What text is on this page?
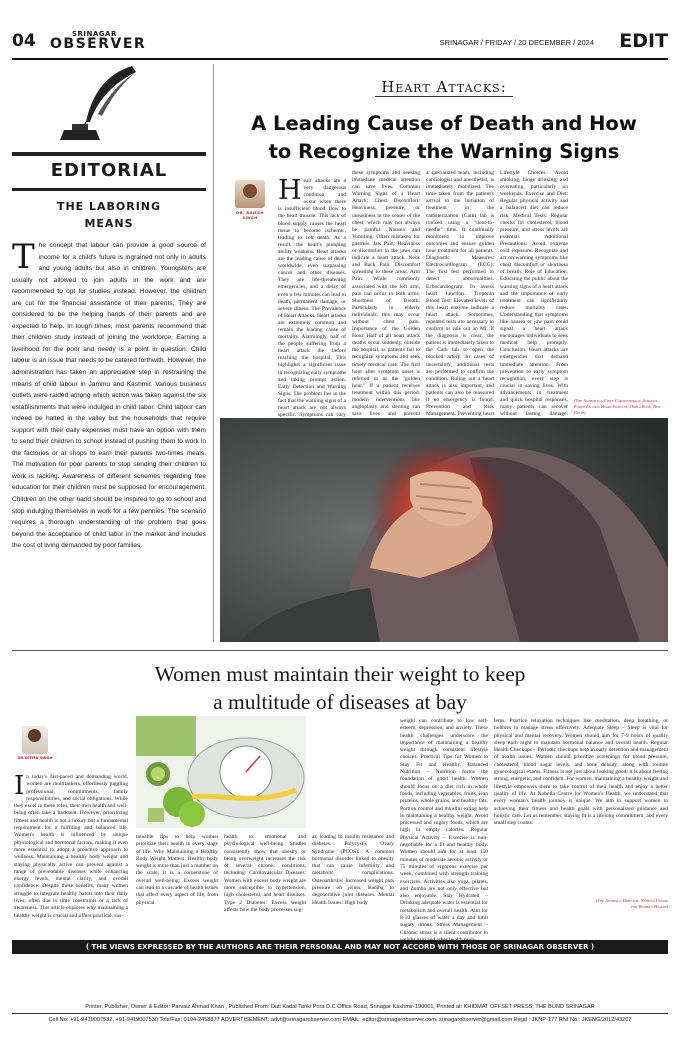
04	SRINAGAR
OBSERVER	SRINAGAR / FRIDAY / 20 DECEMBER / 2024 EDIT
EDITORIAL
THE LABORING
MEANS
The concept that labour can provide a good source of income for a child's future is ingrained not only in adults and young adults but also in children. Youngsters are usually not allowed to join adults in the work and are recommended to opt for studies instead. However, the children are cut for the financial assistance of their parents. They are considered to be the helping hands of their parents and are expected to help. In tough times, most parents recommend that their children study instead of joining the workforce. Earning a livelihood for the poor and needy is a point in question. Child labour is an issue that needs to be catered forthwith. However, the administration has taken an appreciative step in restraining the means of child labour in Jammu and Kashmir. Various business outlets were raided among which action was taken against the six establishments that were indulged in child labor. Child labour can indeed be halted in the valley but the households that require support with their daily expenses must have an option with them to send their children to school instead of pushing them to work in the factories or at shops to earn their parents two-times meals. The motivation for poor parents to stop sending their children to work is lacking. Awareness of different schemes regarding free education for their children must be supposed for encouragement. Children on the other hand should be inspired to go to school and stop indulging themselves in work for a few pennies. The scenario requires a thorough understanding of the problem that goes beyond the acceptance of child labor in the market and includes the cost of living demanded by poor families.
Heart Attacks:
A Leading Cause of Death and How
to Recognize the Warning Signs
DR. RAJESH SINGH
Heart attacks are a very dangerous condition and occur when there is insufficient blood flow to the heart muscle. This lack of blood supply causes the heart tissue to become ischemic, leading to cell death. As a result, the heart's pumping ability weakens. Heart attacks are the leading cause of death worldwide, even surpassing cancer and other diseases. They are life-threatening emergencies, and a delay of even a few minutes can lead to death, permanent damage, or severe illness. The Prevalence of Heart Attacks. Heart attacks are extremely common and remain the leading cause of mortality. Alarmingly, half of the people suffering from a heart attack die before reaching the hospital. This highlights a significant issue in recognizing early symptoms and taking prompt action. Early Detection and Warning Signs. The problem lies in the fact that the warning signs of a heart attack are not always specific. Symptoms can vary
these symptoms and seeking immediate medical attention can save lives. Common Warning Signs of a Heart Attack: Chest Discomfort: Heaviness, pressure, or uneasiness in the center of the chest, which may not always be painful. Nausea and Vomiting: Often mistaken for gastritis. Jaw Pain: Heaviness or discomfort in the jaws can indicate a heart attack. Neck and Back Pain: Discomfort spreading to these areas. Arm Pain: While commonly associated with the left arm, pain can occur in both arms. Shortness of Breath: Particularly in elderly individuals, this may occur without chest pain. Importance of the Golden Hour. Half of all heart attack deaths occur suddenly, outside the hospital, as patients fail to recognize symptoms and seek timely medical care. The first hour after symptom onset is referred to as the "golden hour." If a patient receives treatment within this period, modern interventions like angioplasty and stenting can save lives and prevent
a specialized team, including cardiologist and anesthetist, is immediately mobilized. The time taken from the patient's arrival to the initiation of treatment in the catheterization (Cath) lab is tracked using a "door-to-needle" time. It continually monitored to improve outcomes and ensure golden hour treatment for all patients. Diagnostic Measures: Electrocardiogram (ECG): The first test performed to detect abnormalities. Echocardiogram: To assess heart function. Troponin Blood Test: Elevated levels of this heart enzyme indicate a heart attack. Sometimes, repeated tests are necessary to confirm or rule out an MI. If the diagnosis is clear, the patient is immediately taken to the Cath lab to open the blocked artery. In cases of uncertainty, additional tests are performed to confirm the condition. Ruling out a heart attack is also important, and patients can also be reassured if no emergency is found. Prevention and Risk Management. Preventing heart
Lifestyle Choices: Avoid smoking, binge drinking, and overeating, particularly on weekends. Exercise and Diet: Regular physical activity and a balanced diet can reduce risk. Medical Tests: Regular checks for cholesterol, blood pressure, and stress levels are essential. Additional Precautions: Avoid extreme cold exposure. Recognize and act on warning symptoms like chest discomfort or shortness of breath. Role of Education. Educating the public about the warning signs of a heart attack and the importance of early treatment can significantly reduce mortality rates. Understanding that symptoms like nausea or jaw pain could signal a heart attack encourages individuals to seek medical help promptly. Conclusion. Heart attacks are emergencies that demand immediate attention. From prevention to early symptom recognition, every step is crucial in saving lives. With advancements in treatment and quick hospital responses, many patients can recover without lasting damage.
(The Author is a Chief Cardiothoracic Surgeon, Fortis Escorts Heart Institute, Okhla Road, New Delhi)
Women must maintain their weight to keep
a multitude of diseases at bay
DR SEEMA SINGH
In today's fast-paced and demanding world, women are multitaskers, effortlessly juggling professional commitments, family responsibilities, and social obligations. While they excel in these roles, their own health and well-being often take a backseat. However, prioritizing fitness and health is not a luxury but a fundamental requirement for a fulfilling and balanced life. Women's health is influenced by unique physiological and hormonal factors, making it even more essential to adopt a proactive approach to wellness. Maintaining a healthy body weight and staying physically active can prevent against a range of preventable diseases while enhancing energy levels, mental clarity, and overall confidence. Despite these benefits, many women struggle to integrate healthy habits into their daily lives, often due to time constraints or a lack of awareness. This article explores why maintaining a healthy weight is crucial and offers practical, sus-
tainable tips to help women prioritize their health in every stage of life. Why Maintaining a Healthy Body Weight Matters. Healthy body weight is more than just a number on the scale; it is a cornerstone of overall well-being. Excess weight can lead to a cascade of health issues that affect every aspect of life, from physical
health to emotional and psychological well-being. Studies consistently show that obesity or being overweight increases the risk of several chronic conditions, including: Cardiovascular Diseases: Women with excess body weight are more susceptible to hypertension, high cholesterol, and heart diseases. Type 2 Diabetes: Excess weight affects how the body processes sug-
ar, leading to insulin resistance and diabetes. Polycystic Ovary Syndrome (PCOS): A common hormonal disorder linked to obesity that can cause infertility and metabolic complications. Osteoarthritis: Increased weight puts pressure on joints, leading to degenerative joint diseases. Mental Health Issues: High body
weight can contribute to low self-esteem, depression, and anxiety. These health challenges underscore the importance of maintaining a healthy weight through consistent lifestyle choices. Practical Tips for Women to Stay Fit and Healthy. Balanced Nutrition – Nutrition forms the foundation of good health. Women should focus on a diet rich in whole foods, including vegetables, fruits, lean proteins, whole grains, and healthy fats. Portion control and mindful eating help in maintaining a healthy weight. Avoid processed and sugary foods, which are high in empty calories. Regular Physical Activity – Exercise is non-negotiable for a fit and healthy body. Women should aim for at least 150 minutes of moderate aerobic activity or 75 minutes of vigorous exercise per week, combined with strength training exercises. Activities like yoga, pilates, and Zumba are not only effective but also enjoyable. Stay Hydrated – Drinking adequate water is essential for metabolism and overall health. Aim for 8-10 glasses of water a day and limit sugary drinks. Stress Management – Chronic stress is a silent contributor to
lems. Practice relaxation techniques like meditation, deep breathing, or hobbies to manage stress effectively. Adequate Sleep – Sleep is vital for physical and mental recovery. Women should aim for 7-9 hours of quality sleep each night to maintain hormonal balance and overall health. Regular Health Checkups – Periodic checkups help in early detection and management of health issues. Women should prioritize screenings for blood pressure, cholesterol, blood sugar levels, and bone density, along with routine gynecological exams. Fitness is not just about looking good; it is about feeling strong, energetic, and confident. For women, maintaining a healthy weight and lifestyle empowers them to take control of their health and enjoy a better quality of life. At Nobella Centre for Women's Health, we understand that every woman's health journey is unique. We aim to support women in achieving their fitness and health goals with personalized guidance and holistic care. Let us remember, staying fit is a lifelong commitment, and every small step counts.
(The Author is Director, Nobella Centre for Women's Health)
( THE VIEWS EXPRESSED BY THE AUTHORS ARE THEIR PERSONAL AND MAY NOT ACCORD WITH THOSE OF SRINAGAR OBSERVER )
Printer, Publisher, Owner & Editor: Parvaiz Ahmad Khan , Published From: Dati Kadal Tanki Pora D.C Office Road, Srinagar Kashmir-190001, Printed at: KHIDMAT OFFSET PRESS, THE BUND SRINAGAR
Cell No: +91-9419007532, +91-9419007530 Tele/Fax: 0194-2458877 ADVERTISEMENT: advt@srinagarobserver.com EMAIL: editor@srinagarobserver.com, srinagarobserver@gmail.com Regd : JKNP-177 RNI No.: JKENG/2012/43267
